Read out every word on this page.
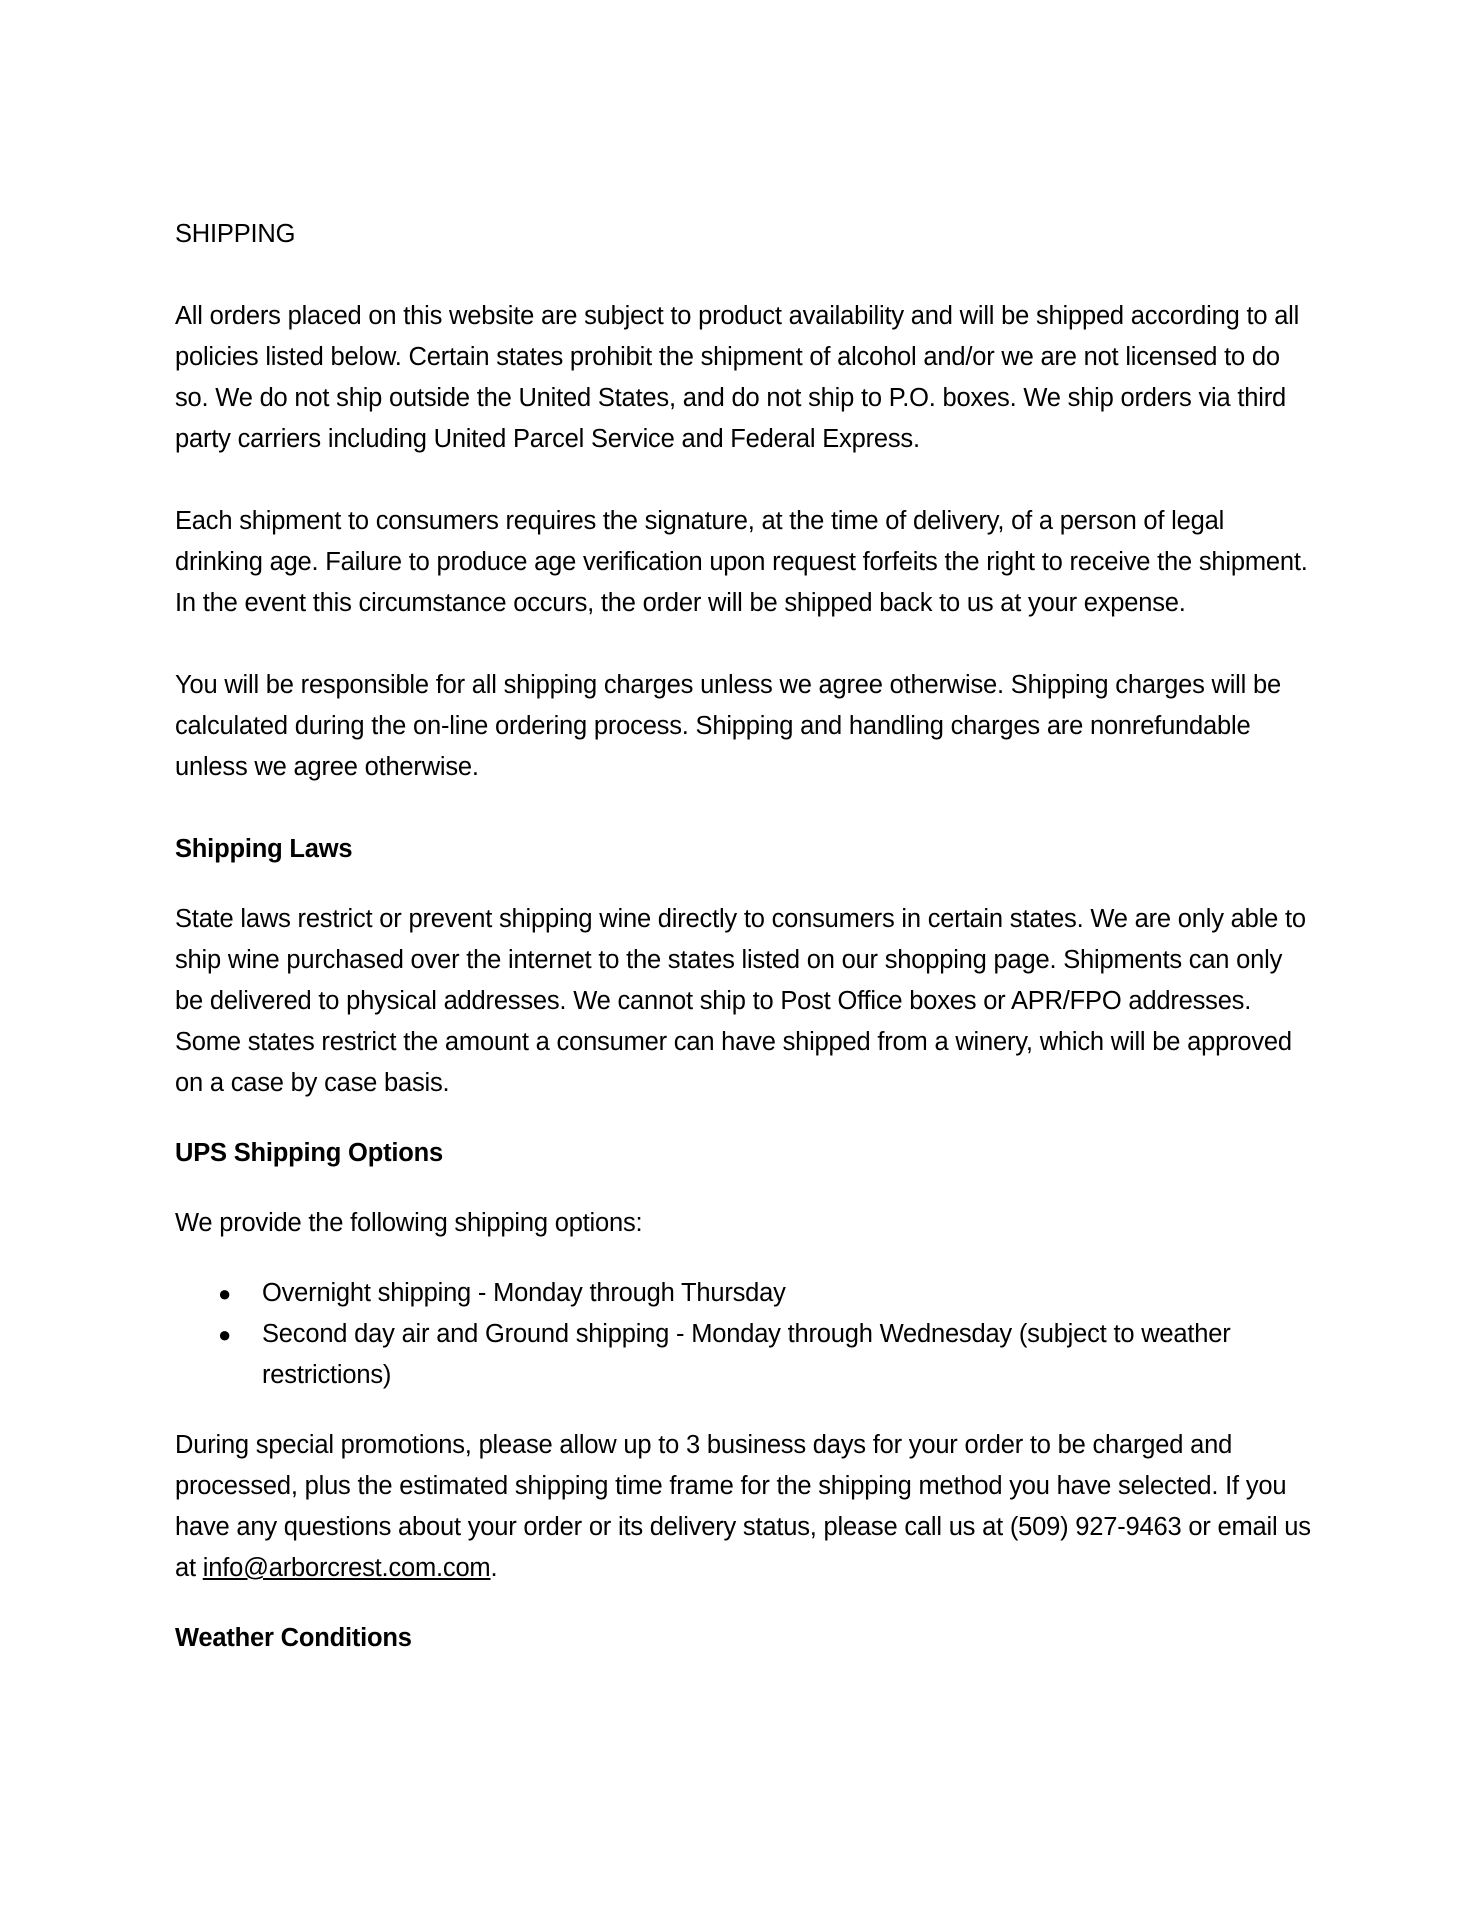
SHIPPING

All orders placed on this website are subject to product availability and will be shipped according to all policies listed below. Certain states prohibit the shipment of alcohol and/or we are not licensed to do so. We do not ship outside the United States, and do not ship to P.O. boxes. We ship orders via third party carriers including United Parcel Service and Federal Express.

Each shipment to consumers requires the signature, at the time of delivery, of a person of legal drinking age. Failure to produce age verification upon request forfeits the right to receive the shipment. In the event this circumstance occurs, the order will be shipped back to us at your expense.

You will be responsible for all shipping charges unless we agree otherwise. Shipping charges will be calculated during the on-line ordering process. Shipping and handling charges are nonrefundable unless we agree otherwise.

Shipping Laws

State laws restrict or prevent shipping wine directly to consumers in certain states. We are only able to ship wine purchased over the internet to the states listed on our shopping page. Shipments can only be delivered to physical addresses. We cannot ship to Post Office boxes or APR/FPO addresses. Some states restrict the amount a consumer can have shipped from a winery, which will be approved on a case by case basis.

UPS Shipping Options

We provide the following shipping options:

● Overnight shipping - Monday through Thursday
● Second day air and Ground shipping - Monday through Wednesday (subject to weather restrictions)

During special promotions, please allow up to 3 business days for your order to be charged and processed, plus the estimated shipping time frame for the shipping method you have selected. If you have any questions about your order or its delivery status, please call us at (509) 927-9463 or email us at info@arborcrest.com.com.

Weather Conditions
